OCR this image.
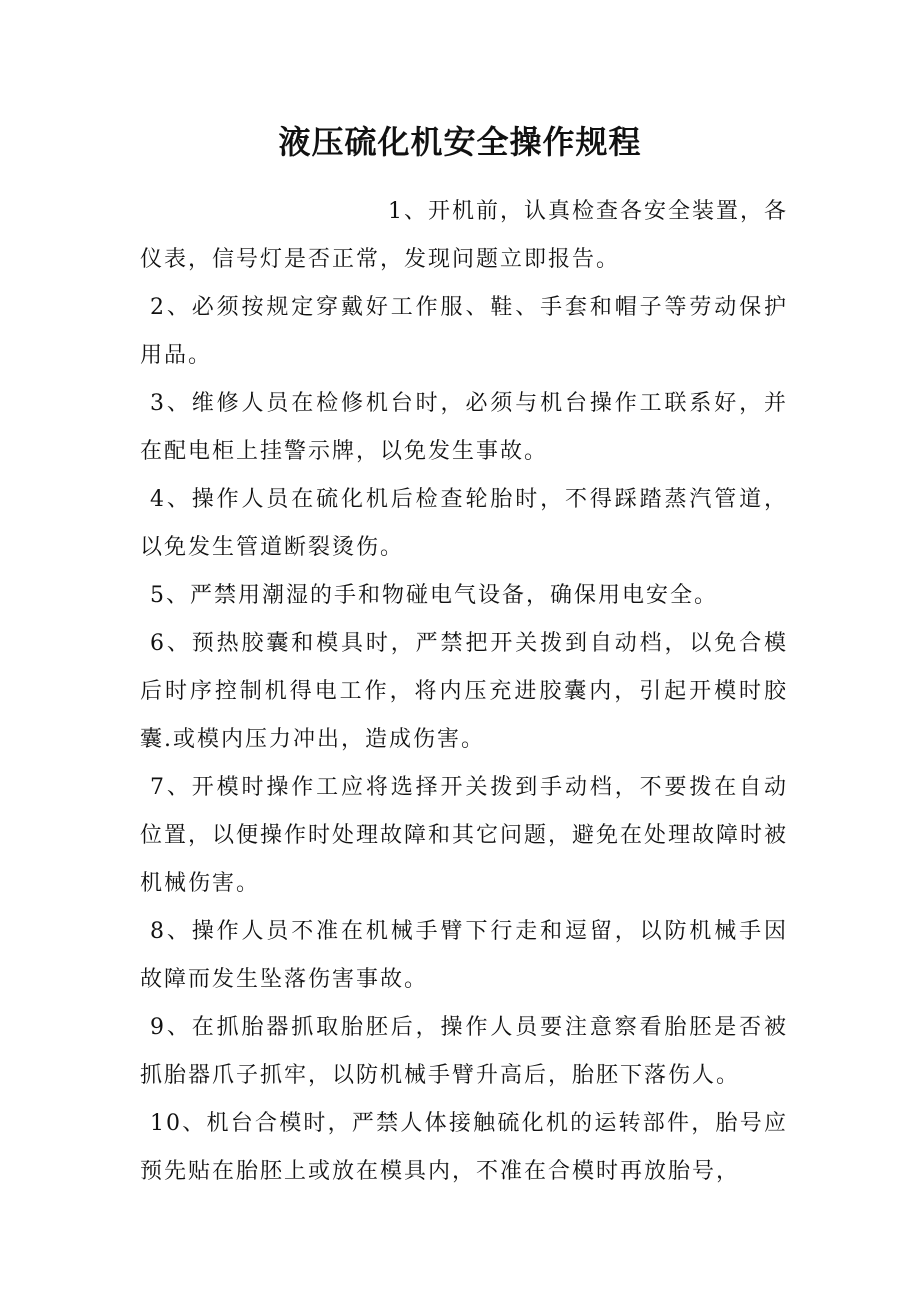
液压硫化机安全操作规程

1、开机前，认真检查各安全装置，各仪表，信号灯是否正常，发现问题立即报告。

2、必须按规定穿戴好工作服、鞋、手套和帽子等劳动保护用品。

3、维修人员在检修机台时，必须与机台操作工联系好，并在配电柜上挂警示牌，以免发生事故。

4、操作人员在硫化机后检查轮胎时，不得踩踏蒸汽管道，以免发生管道断裂烫伤。

5、严禁用潮湿的手和物碰电气设备，确保用电安全。

6、预热胶囊和模具时，严禁把开关拨到自动档，以免合模后时序控制机得电工作，将内压充进胶囊内，引起开模时胶囊.或模内压力冲出，造成伤害。

7、开模时操作工应将选择开关拨到手动档，不要拨在自动位置，以便操作时处理故障和其它问题，避免在处理故障时被机械伤害。

8、操作人员不准在机械手臂下行走和逗留，以防机械手因故障而发生坠落伤害事故。

9、在抓胎器抓取胎胚后，操作人员要注意察看胎胚是否被抓胎器爪子抓牢，以防机械手臂升高后，胎胚下落伤人。

10、机台合模时，严禁人体接触硫化机的运转部件，胎号应预先贴在胎胚上或放在模具内，不准在合模时再放胎号，
